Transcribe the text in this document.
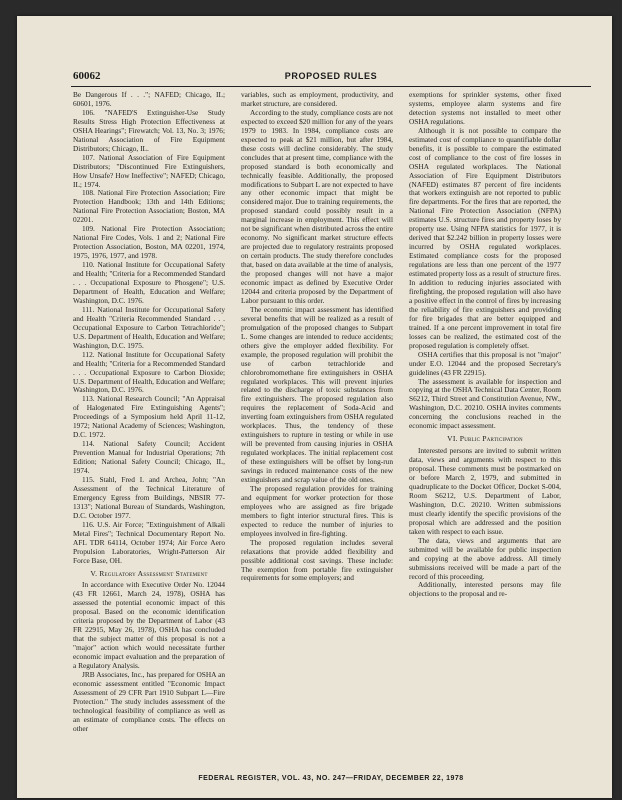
60062	PROPOSED RULES

Be Dangerous If . . ."; NAFED; Chicago, IL; 60601, 1976.

106. "NAFED'S Extinguisher-Use Study Results Stress High Protection Effectiveness at OSHA Hearings"; Firewatch; Vol. 13, No. 3; 1976; National Association of Fire Equipment Distributors; Chicago, IL.

107. National Association of Fire Equipment Distributors; "Discontinued Fire Extinguishers, How Unsafe? How Ineffective"; NAFED; Chicago, IL; 1974.

108. National Fire Protection Association; Fire Protection Handbook; 13th and 14th Editions; National Fire Protection Association; Boston, MA 02201.

109. National Fire Protection Association; National Fire Codes, Vols. 1 and 2; National Fire Protection Association, Boston, MA 02201, 1974, 1975, 1976, 1977, and 1978.

110. National Institute for Occupational Safety and Health; "Criteria for a Recommended Standard . . . Occupational Exposure to Phosgene"; U.S. Department of Health, Education and Welfare; Washington, D.C. 1976.

111. National Institute for Occupational Safety and Health "Criteria Recommended Standard . . . Occupational Exposure to Carbon Tetrachloride"; U.S. Department of Health, Education and Welfare; Washington, D.C. 1975.

112. National Institute for Occupational Safety and Health; "Criteria for a Recommended Standard . . . Occupational Exposure to Carbon Dioxide; U.S. Department of Health, Education and Welfare; Washington, D.C. 1976.

113. National Research Council; "An Appraisal of Halogenated Fire Extinguishing Agents"; Proceedings of a Symposium held April 11-12, 1972; National Academy of Sciences; Washington, D.C. 1972.

114. National Safety Council; Accident Prevention Manual for Industrial Operations; 7th Edition; National Safety Council; Chicago, IL, 1974.

115. Stahl, Fred I. and Archea, John; "An Assessment of the Technical Literature of Emergency Egress from Buildings, NBSIR 77-1313"; National Bureau of Standards, Washington, D.C. October 1977.

116. U.S. Air Force; "Extinguishment of Alkali Metal Fires"; Technical Documentary Report No. AFL TDR 64114, October 1974; Air Force Aero Propulsion Laboratories, Wright-Patterson Air Force Base, OH.

V. Regulatory Assessment Statement

In accordance with Executive Order No. 12044 (43 FR 12661, March 24, 1978), OSHA has assessed the potential economic impact of this proposal. Based on the economic identification criteria proposed by the Department of Labor (43 FR 22915, May 26, 1978), OSHA has concluded that the subject matter of this proposal is not a "major" action which would necessitate further economic impact evaluation and the preparation of a Regulatory Analysis.

JRB Associates, Inc., has prepared for OSHA an economic assessment entitled "Economic Impact Assessment of 29 CFR Part 1910 Subpart L—Fire Protection." The study includes assessment of the technological feasibility of compliance as well as an estimate of compliance costs. The effects on other

variables, such as employment, productivity, and market structure, are considered.

According to the study, compliance costs are not expected to exceed $20 million for any of the years 1979 to 1983. In 1984, compliance costs are expected to peak at $21 million, but after 1984, these costs will decline considerably. The study concludes that at present time, compliance with the proposed standard is both economically and technically feasible. Additionally, the proposed modifications to Subpart L are not expected to have any other economic impact that might be considered major. Due to training requirements, the proposed standard could possibly result in a marginal increase in employment. This effect will not be significant when distributed across the entire economy. No significant market structure effects are projected due to regulatory restraints proposed on certain products. The study therefore concludes that, based on data available at the time of analysis, the proposed changes will not have a major economic impact as defined by Executive Order 12044 and criteria proposed by the Department of Labor pursuant to this order.

The economic impact assessment has identified several benefits that will be realized as a result of promulgation of the proposed changes to Subpart L. Some changes are intended to reduce accidents; others give the employer added flexibility. For example, the proposed regulation will prohibit the use of carbon tetrachloride and chlorobromomethane fire extinguishers in OSHA regulated workplaces. This will prevent injuries related to the discharge of toxic substances from fire extinguishers. The proposed regulation also requires the replacement of Soda-Acid and inverting foam extinguishers from OSHA regulated workplaces. Thus, the tendency of these extinguishers to rupture in testing or while in use will be prevented from causing injuries in OSHA regulated workplaces. The initial replacement cost of these extinguishers will be offset by long-run savings in reduced maintenance costs of the new extinguishers and scrap value of the old ones.

The proposed regulation provides for training and equipment for worker protection for those employees who are assigned as fire brigade members to fight interior structural fires. This is expected to reduce the number of injuries to employees involved in fire-fighting.

The proposed regulation includes several relaxations that provide added flexibility and possible additional cost savings. These include: The exemption from portable fire extinguisher requirements for some employers; and

exemptions for sprinkler systems, other fixed systems, employee alarm systems and fire detection systems not installed to meet other OSHA regulations.

Although it is not possible to compare the estimated cost of compliance to quantifiable dollar benefits, it is possible to compare the estimated cost of compliance to the cost of fire losses in OSHA regulated workplaces. The National Association of Fire Equipment Distributors (NAFED) estimates 87 percent of fire incidents that workers extinguish are not reported to public fire departments. For the fires that are reported, the National Fire Protection Association (NFPA) estimates U.S. structure fires and property loses by property use. Using NFPA statistics for 1977, it is derived that $2.242 billion in property losses were incurred by OSHA regulated workplaces. Estimated compliance costs for the proposed regulations are less than one percent of the 1977 estimated property loss as a result of structure fires. In addition to reducing injuries associated with firefighting, the proposed regulation will also have a positive effect in the control of fires by increasing the reliability of fire extinguishers and providing for fire brigades that are better equipped and trained. If a one percent improvement in total fire losses can be realized, the estimated cost of the proposed regulation is completely offset.

OSHA certifies that this proposal is not "major" under E.O. 12044 and the proposed Secretary's guidelines (43 FR 22915).

The assessment is available for inspection and copying at the OSHA Technical Data Center, Room S6212, Third Street and Constitution Avenue, NW., Washington, D.C. 20210. OSHA invites comments concerning the conclusions reached in the economic impact assessment.

VI. Public Participation

Interested persons are invited to submit written data, views and arguments with respect to this proposal. These comments must be postmarked on or before March 2, 1979, and submitted in quadruplicate to the Docket Officer, Docket S-004, Room S6212, U.S. Department of Labor, Washington, D.C. 20210. Written submissions must clearly identify the specific provisions of the proposal which are addressed and the position taken with respect to each issue.

The data, views and arguments that are submitted will be available for public inspection and copying at the above address. All timely submissions received will be made a part of the record of this proceeding.

Additionally, interested persons may file objections to the proposal and re-

FEDERAL REGISTER, VOL. 43, NO. 247—FRIDAY, DECEMBER 22, 1978
